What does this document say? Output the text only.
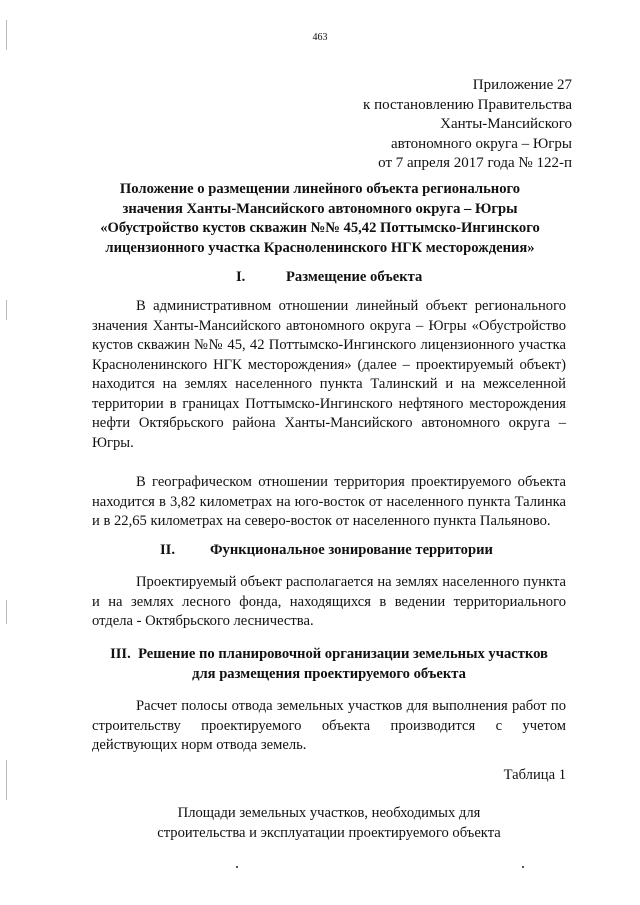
463
Приложение 27
к постановлению Правительства
Ханты-Мансийского
автономного округа – Югры
от 7 апреля 2017 года № 122-п
Положение о размещении линейного объекта регионального
значения Ханты-Мансийского автономного округа – Югры
«Обустройство кустов скважин №№ 45,42 Поттымско-Ингинского
лицензионного участка Красноленинского НГК месторождения»
I.	Размещение объекта
В административном отношении линейный объект регионального значения Ханты-Мансийского автономного округа – Югры «Обустройство кустов скважин №№ 45, 42 Поттымско-Ингинского лицензионного участка Красноленинского НГК месторождения» (далее – проектируемый объект) находится на землях населенного пункта Талинский и на межселенной территории в границах Поттымско-Ингинского нефтяного месторождения нефти Октябрьского района Ханты-Мансийского автономного округа – Югры.
В географическом отношении территория проектируемого объекта находится в 3,82 километрах на юго-восток от населенного пункта Талинка и в 22,65 километрах на северо-восток от населенного пункта Пальяново.
II. Функциональное зонирование территории
Проектируемый объект располагается на землях населенного пункта и на землях лесного фонда, находящихся в ведении территориального отдела - Октябрьского лесничества.
III. Решение по планировочной организации земельных участков
для размещения проектируемого объекта
Расчет полосы отвода земельных участков для выполнения работ по строительству проектируемого объекта производится с учетом действующих норм отвода земель.
Таблица 1
Площади земельных участков, необходимых для
строительства и эксплуатации проектируемого объекта
